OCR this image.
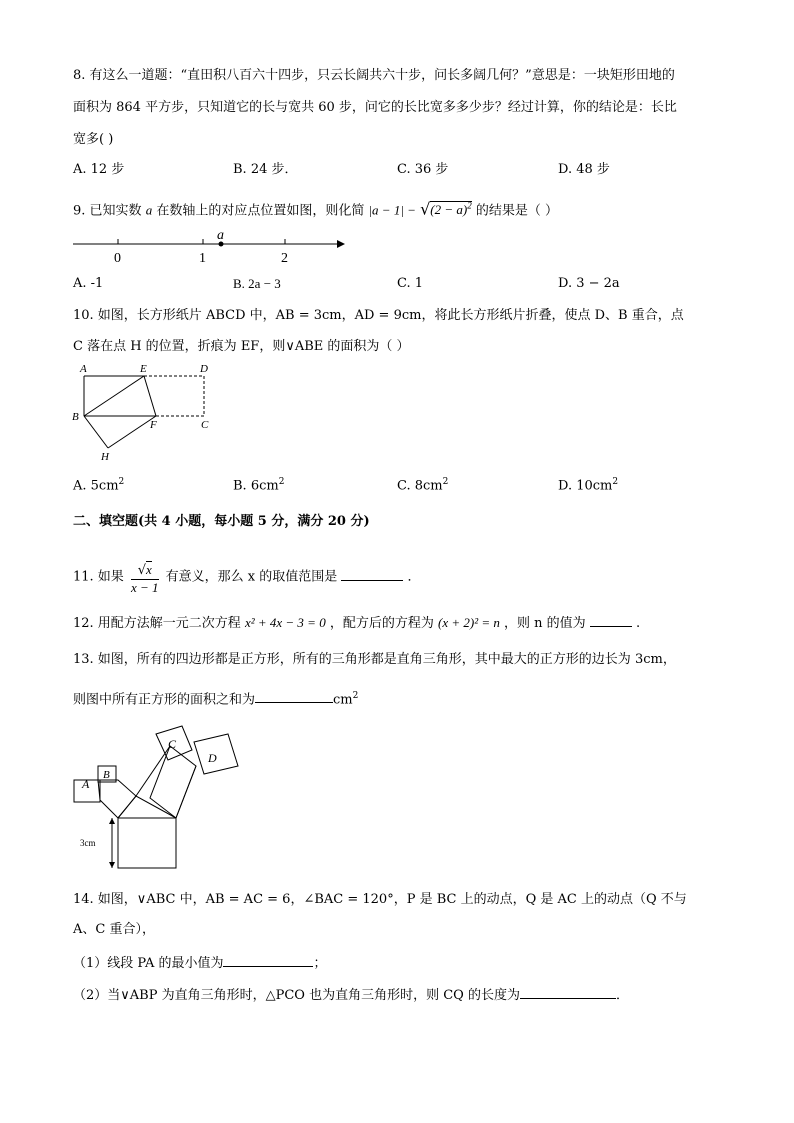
8. 有这么一道题：“直田积八百六十四步，只云长阔共六十步，问长多阔几何？”意思是：一块矩形田地的
面积为 864 平方步，只知道它的长与宽共 60 步，问它的长比宽多多少步？经过计算，你的结论是：长比
宽多( )
A. 12 步	B. 24 步．	C. 36 步	D. 48 步
9. 已知实数 a 在数轴上的对应点位置如图，则化简 $|a - 1| - √(2 - a)^2$ 的结果是（ ）
0	1	2
a
A. -1	B. 2a − 3	C. 1	D. 3 − 2a
10. 如图，长方形纸片 ABCD 中，AB = 3cm，AD = 9cm，将此长方形纸片折叠，使点 D、B 重合，点
C 落在点 H 的位置，折痕为 EF，则∨ABE 的面积为（ ）
A	E	D
B
F	C
H
A. $5cm^2$	B. $6cm^2$	C. $8cm^2$	D. $10cm^2$
二、填空题(共 4 小题，每小题 5 分，满分 20 分)
11. 如果 $\frac{√x}{x - 1}$ 有意义，那么 x 的取值范围是	．
12. 用配方法解一元二次方程 x² + 4x − 3 = 0 ，配方后的方程为 (x + 2)² = n ，则 n 的值为	.
13. 如图，所有的四边形都是正方形，所有的三角形都是直角三角形，其中最大的正方形的边长为 3cm，
则图中所有正方形的面积之和为	$cm^2$
A
B
C
D
3cm
14. 如图，∨ABC 中，AB = AC = 6，∠BAC = 120°，P 是 BC 上的动点，Q 是 AC 上的动点（Q 不与
A、C 重合），
（1）线段 PA 的最小值为	；
（2）当∨ABP 为直角三角形时，△PCO 也为直角三角形时，则 CQ 的长度为	．
